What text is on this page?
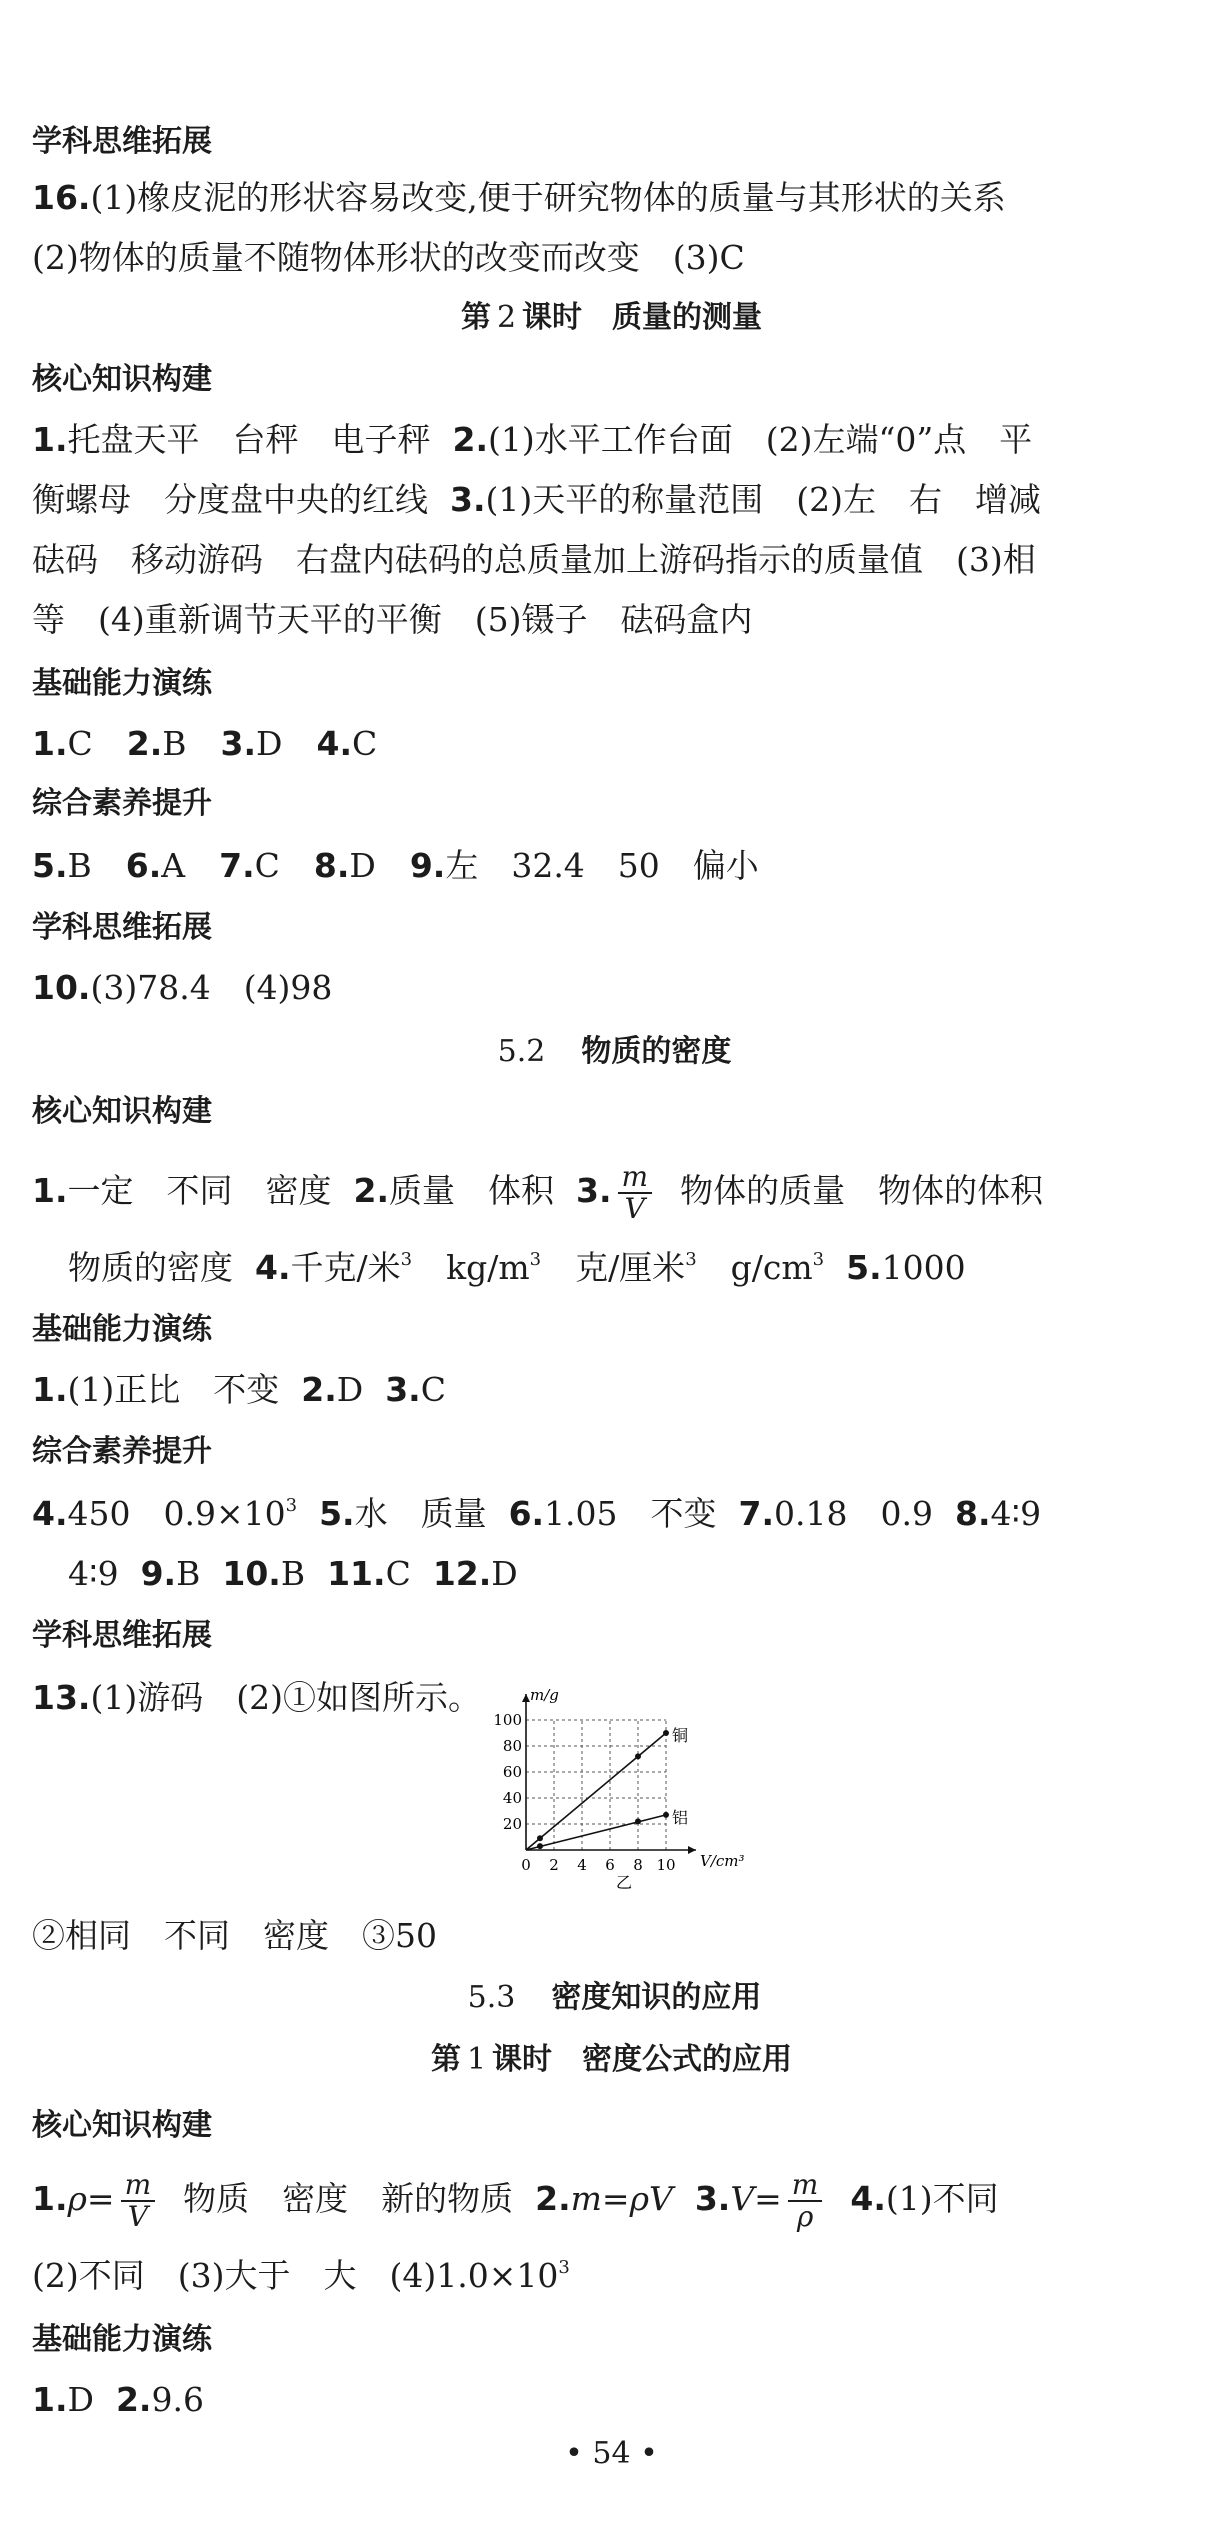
学科思维拓展
16.(1)橡皮泥的形状容易改变,便于研究物体的质量与其形状的关系
(2)物体的质量不随物体形状的改变而改变　(3)C
第 2 课时　质量的测量
核心知识构建
1.托盘天平　台秤　电子秤 2.(1)水平工作台面　(2)左端“0”点　平
衡螺母　分度盘中央的红线 3.(1)天平的称量范围　(2)左　右　增减
砝码　移动游码　右盘内砝码的总质量加上游码指示的质量值　(3)相
等　(4)重新调节天平的平衡　(5)镊子　砝码盒内
基础能力演练
1.C 2.B 3.D 4.C
综合素养提升
5.B 6.A 7.C 8.D 9.左　32.4　50　偏小
学科思维拓展
10.(3)78.4　(4)98
5.2　 物质的密度
核心知识构建
1.一定　不同　密度 2.质量　体积 3. $\frac{m}{V}$ 物体的质量　物体的体积
物质的密度 4.千克/米$^3$ $kg/m^3$ 克/厘米$^3$ $g/cm^3$ 5.1000
基础能力演练
1.(1)正比　不变 2.D 3.C
综合素养提升
4.450　$0.9\times 10^3$ 5.水　质量 6.1.05　不变 7.0.18　0.9 8.4∶9
4∶9 9.B 10.B 11.C 12.D
学科思维拓展
13.(1)游码　(2)①如图所示。
0 2 4 6 8 10
20
40
60
80
100
V/cm³
m/g
乙
铜
铝
②相同　不同　密度　③50
5.3　 密度知识的应用
第 1 课时　密度公式的应用
核心知识构建
$1.\rho= \frac{m}{V}$ 物质　密度　新的物质 2.m=ρV $3.V= \frac{m}{\rho} 4.(1)$不同
(2)不同　(3)大于　大　$(4)1.0\times 10^3$
基础能力演练
1.D 2.9.6
• 54 •
